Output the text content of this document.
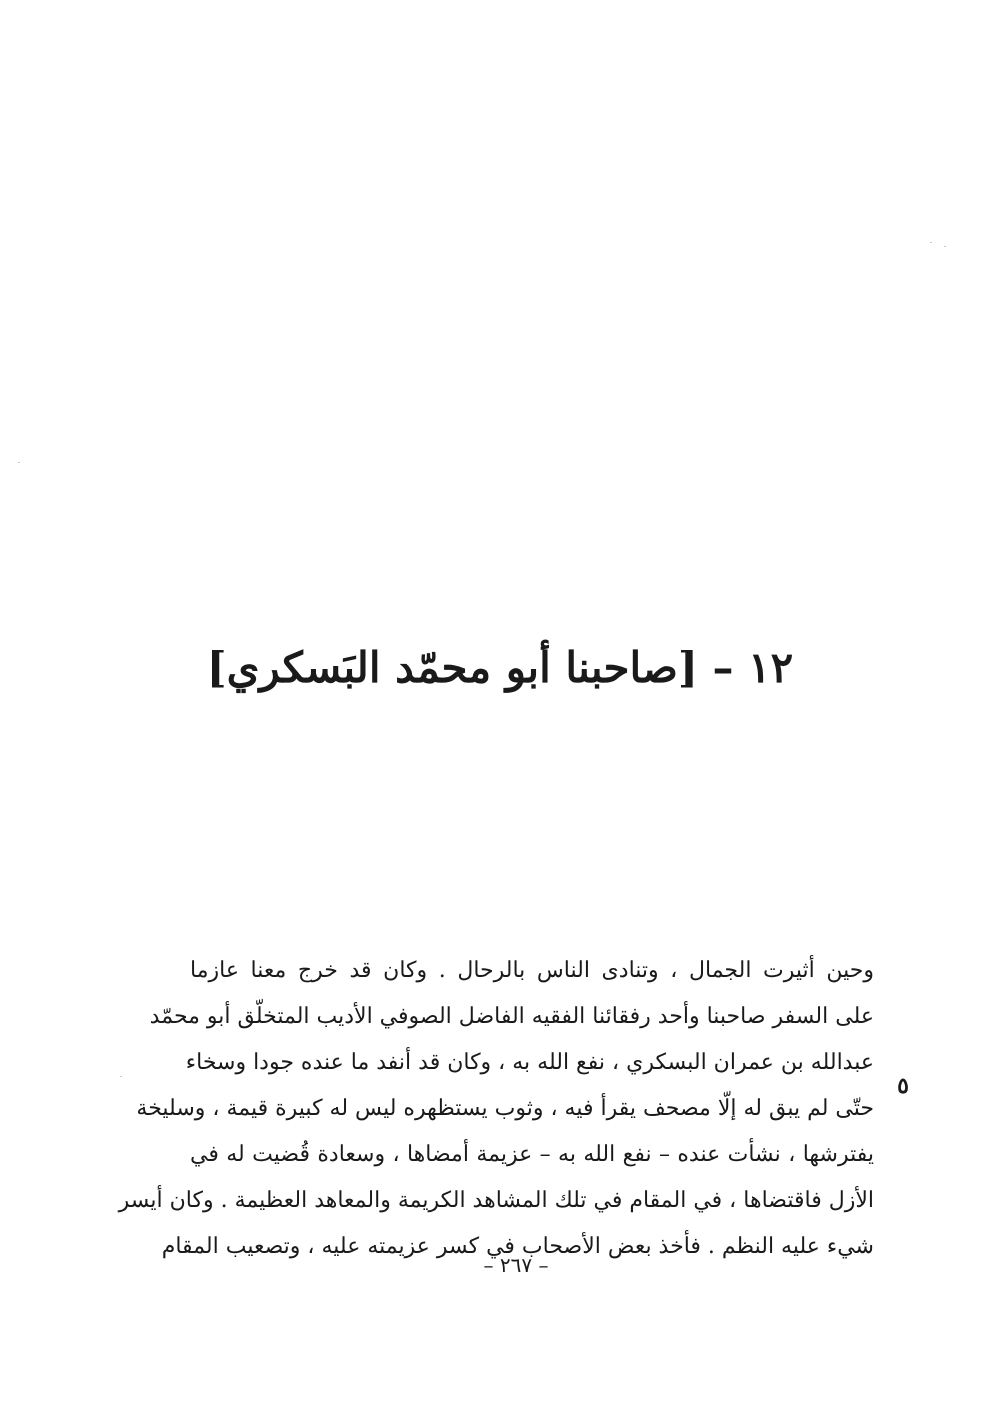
١٢ – [صاحبنا أبو محمّد البَسكري]
وحين أثيرت الجمال ، وتنادى الناس بالرحال . وكان قد خرج معنا عازما
على السفر صاحبنا وأحد رفقائنا الفقيه الفاضل الصوفي الأديب المتخلّق أبو محمّد
عبدالله بن عمران البسكري ، نفع الله به ، وكان قد أنفد ما عنده جودا وسخاء
حتّى لم يبق له إلّا مصحف يقرأ فيه ، وثوب يستظهره ليس له كبيرة قيمة ، وسليخة
يفترشها ، نشأت عنده – نفع الله به – عزيمة أمضاها ، وسعادة قُضيت له في
الأزل فاقتضاها ، في المقام في تلك المشاهد الكريمة والمعاهد العظيمة . وكان أيسر
شيء عليه النظم . فأخذ بعض الأصحاب في كسر عزيمته عليه ، وتصعيب المقام
٥
– ٢٦٧ –
